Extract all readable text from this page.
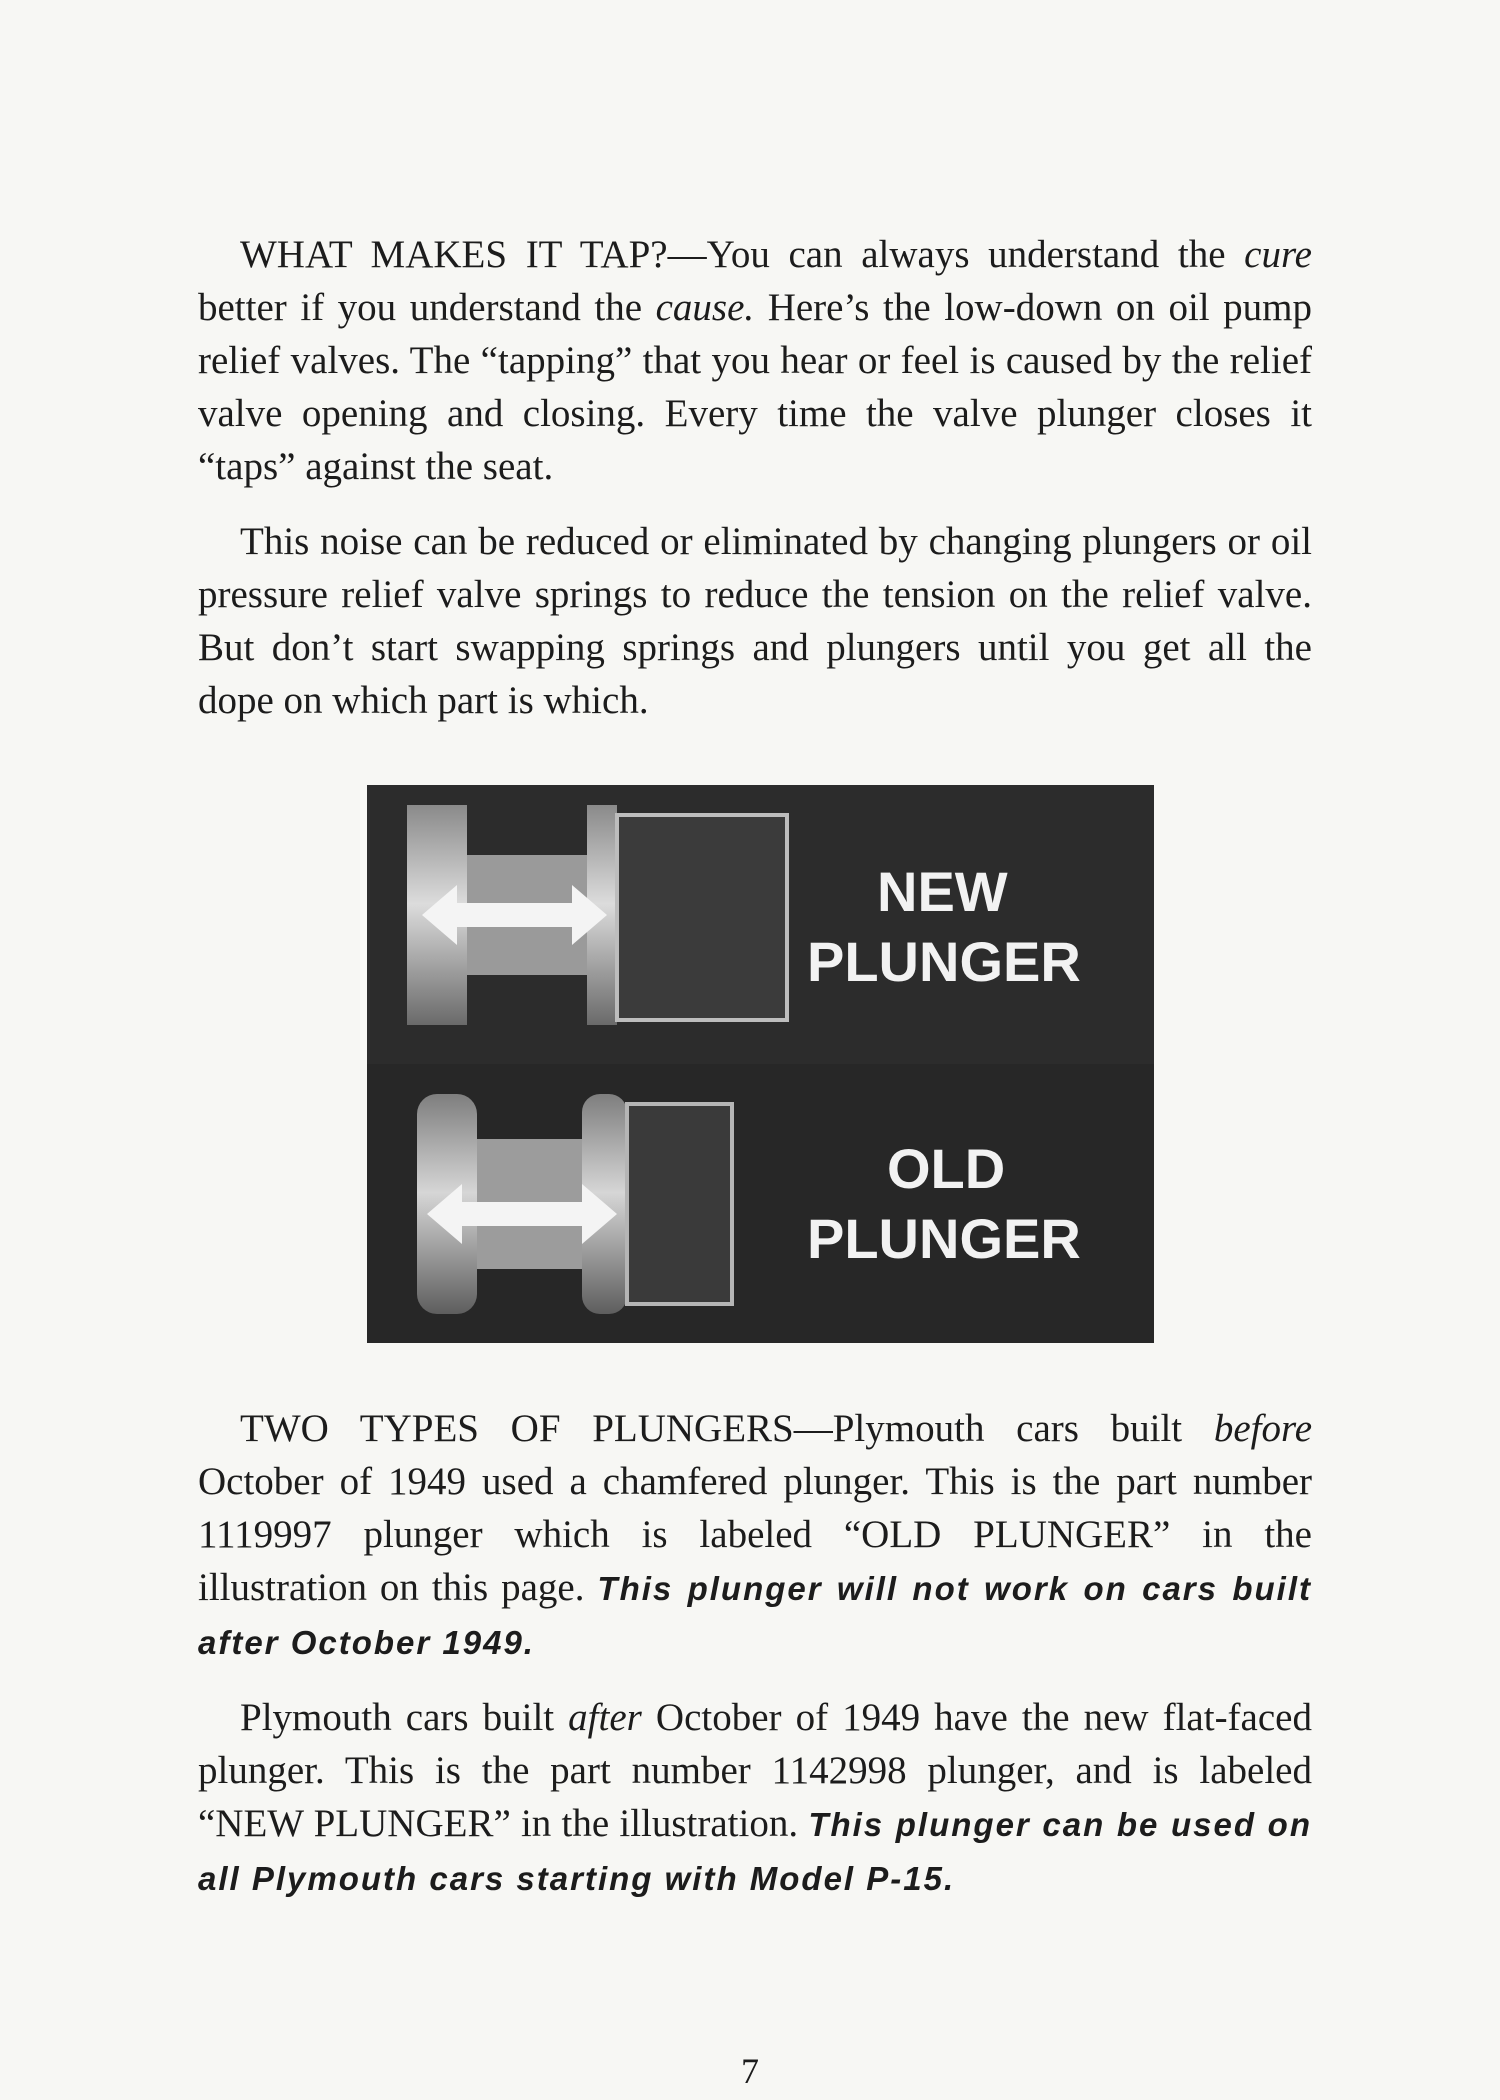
WHAT MAKES IT TAP?—You can always understand the cure better if you understand the cause. Here’s the low-down on oil pump relief valves. The “tapping” that you hear or feel is caused by the relief valve opening and closing. Every time the valve plunger closes it “taps” against the seat.

This noise can be reduced or eliminated by changing plungers or oil pressure relief valve springs to reduce the tension on the relief valve. But don’t start swapping springs and plungers until you get all the dope on which part is which.

NEW
PLUNGER
OLD
PLUNGER

TWO TYPES OF PLUNGERS—Plymouth cars built before October of 1949 used a chamfered plunger. This is the part number 1119997 plunger which is labeled “OLD PLUNGER” in the illustration on this page. This plunger will not work on cars built after October 1949.

Plymouth cars built after October of 1949 have the new flat-faced plunger. This is the part number 1142998 plunger, and is labeled “NEW PLUNGER” in the illustration. This plunger can be used on all Plymouth cars starting with Model P-15.

7
